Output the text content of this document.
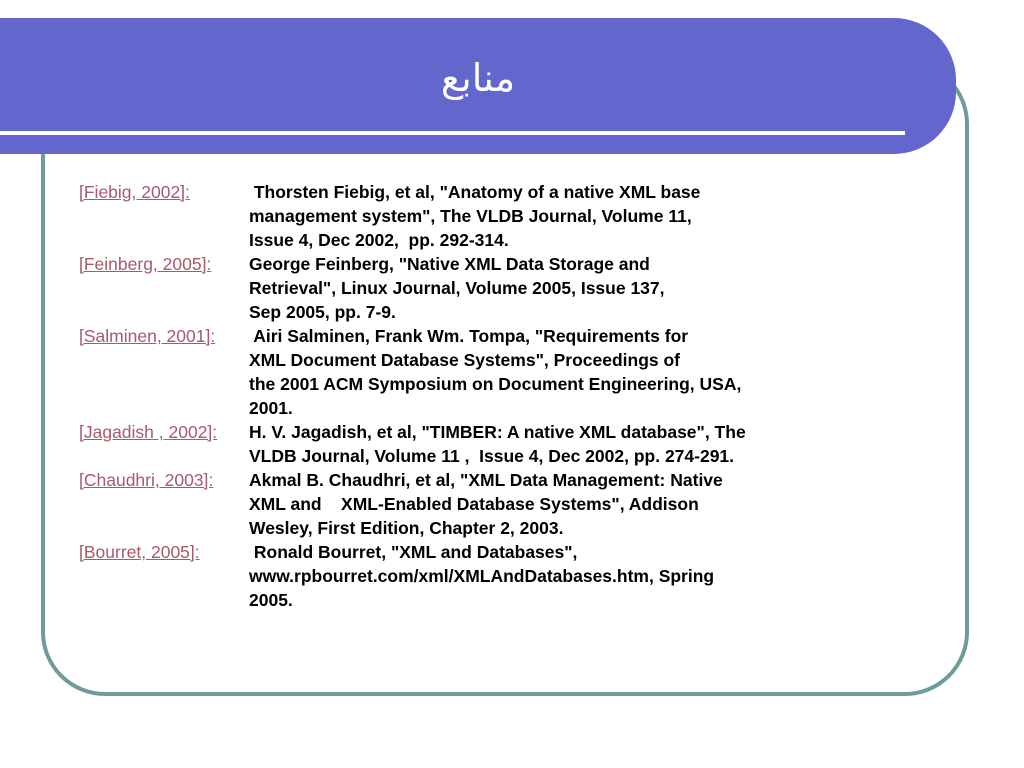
منابع
[Fiebig, 2002]:	Thorsten Fiebig, et al, "Anatomy of a native XML base
management system", The VLDB Journal, Volume 11,
Issue 4, Dec 2002,  pp. 292-314.
[Feinberg, 2005]: George Feinberg, "Native XML Data Storage and
Retrieval", Linux Journal, Volume 2005, Issue 137,
Sep 2005, pp. 7-9.
[Salminen, 2001]: Airi Salminen, Frank Wm. Tompa, "Requirements for
XML Document Database Systems", Proceedings of
the 2001 ACM Symposium on Document Engineering, USA,
2001.
[Jagadish , 2002]: H. V. Jagadish, et al, "TIMBER: A native XML database", The
VLDB Journal, Volume 11 ,  Issue 4, Dec 2002, pp. 274-291.
[Chaudhri, 2003]: Akmal B. Chaudhri, et al, "XML Data Management: Native
XML and    XML-Enabled Database Systems", Addison
Wesley, First Edition, Chapter 2, 2003.
[Bourret, 2005]:	Ronald Bourret, "XML and Databases",
www.rpbourret.com/xml/XMLAndDatabases.htm, Spring
2005.
